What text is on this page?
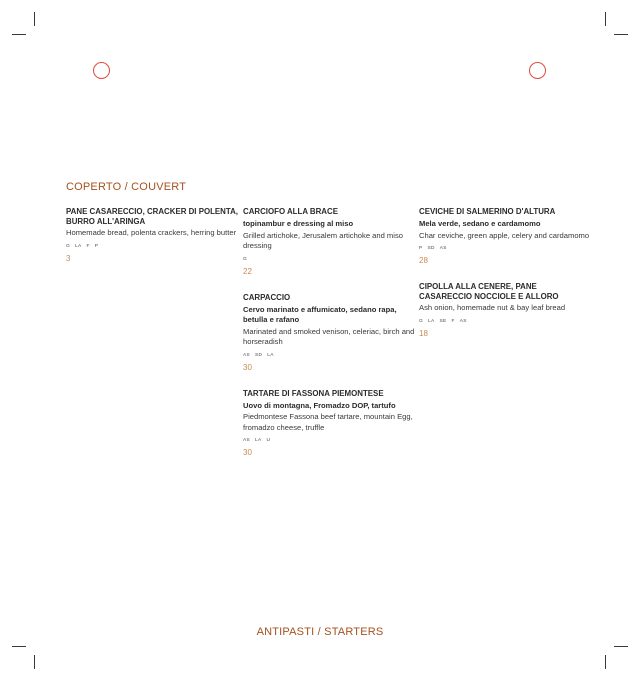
COPERTO / COUVERT
PANE CASARECCIO, CRACKER DI POLENTA, BURRO ALL'ARINGA
Homemade bread, polenta crackers, herring butter
G LA F P
3
CARCIOFO ALLA BRACE
topinambur e dressing al miso
Grilled artichoke, Jerusalem artichoke and miso dressing
G
22
CARPACCIO
Cervo marinato e affumicato, sedano rapa, betulla e rafano
Marinated and smoked venison, celeriac, birch and horseradish
AS SD LA
30
TARTARE DI FASSONA PIEMONTESE
Uovo di montagna, Fromadzo DOP, tartufo
Piedmontese Fassona beef tartare, mountain Egg, fromadzo cheese, truffle
AS LA U
30
CEVICHE DI SALMERINO D'ALTURA
Mela verde, sedano e cardamomo
Char ceviche, green apple, celery and cardamomo
P SD AS
28
CIPOLLA ALLA CENERE, PANE CASARECCIO NOCCIOLE E ALLORO
Ash onion, homemade nut & bay leaf bread
G LA SE F AS
18
ANTIPASTI / STARTERS
